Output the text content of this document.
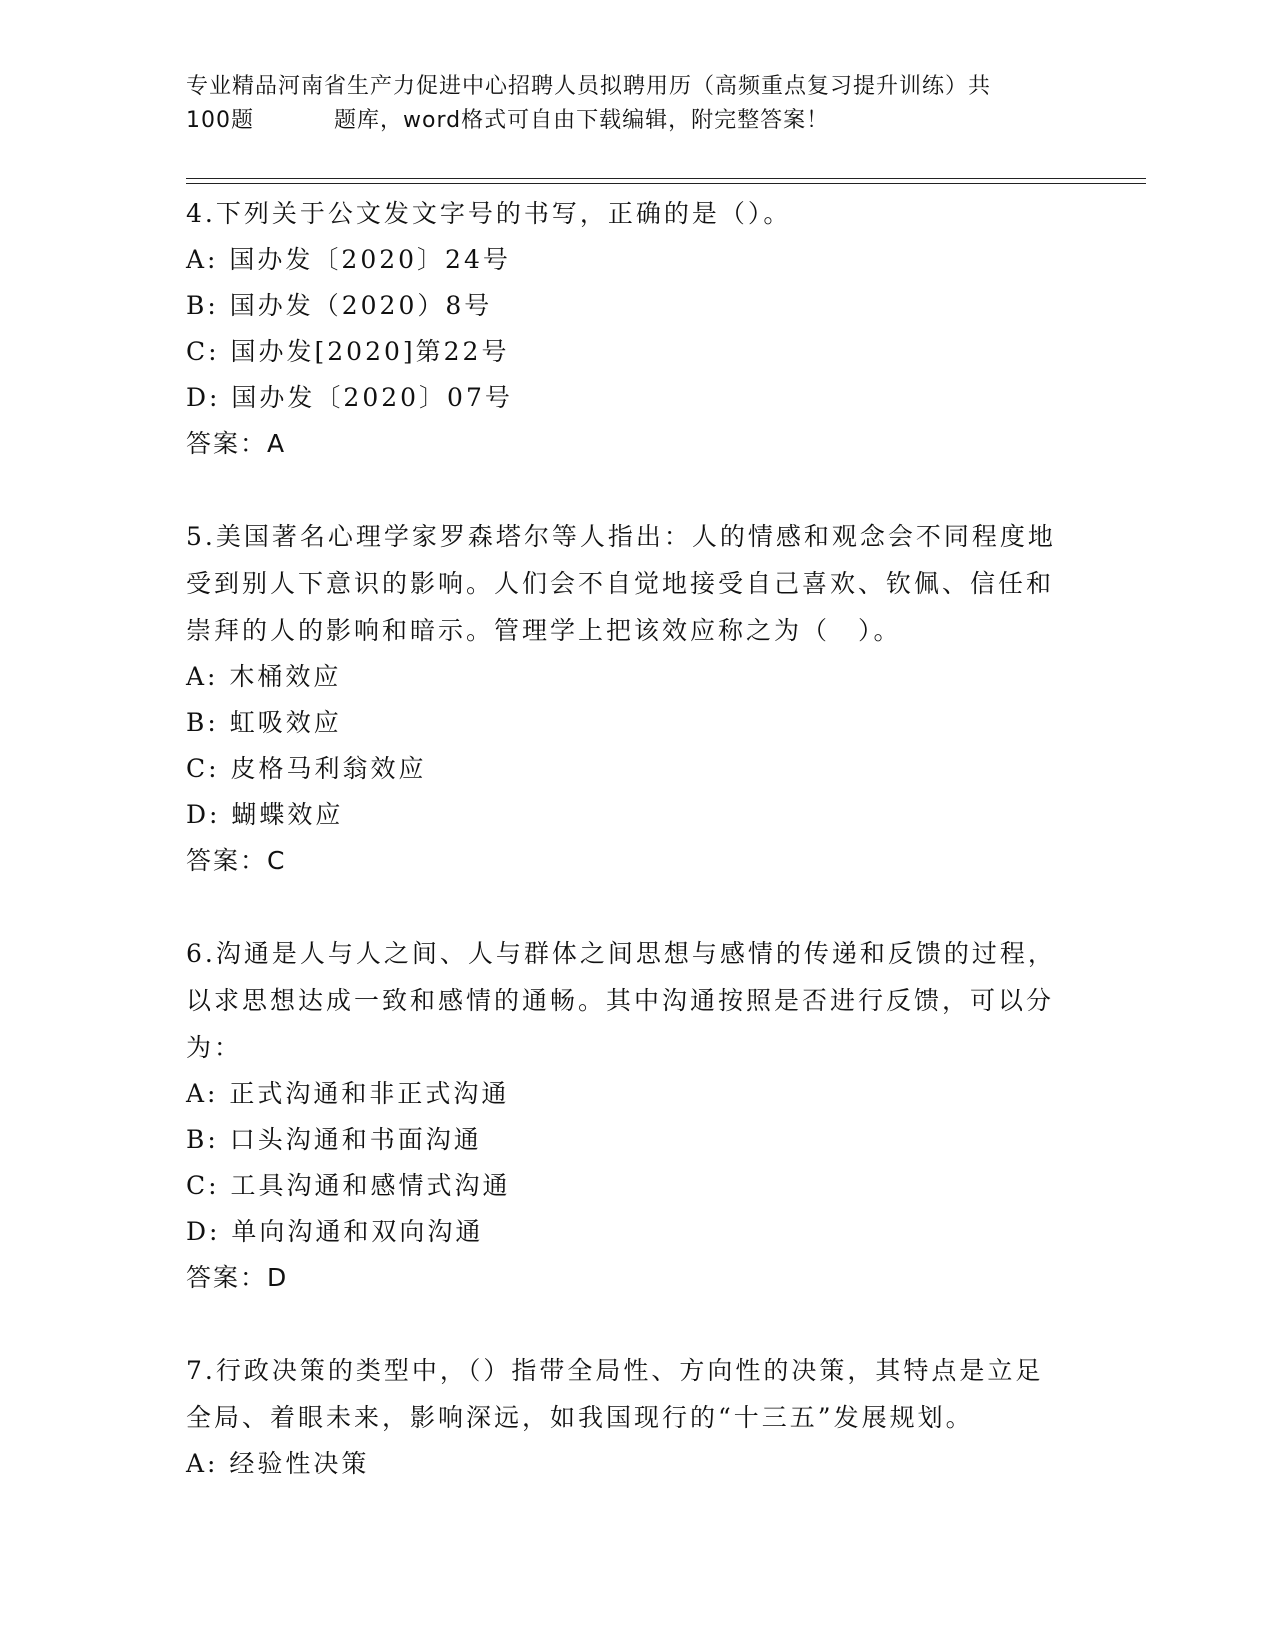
专业精品河南省生产力促进中心招聘人员拟聘用历（高频重点复习提升训练）共
100题	题库，word格式可自由下载编辑，附完整答案！

4.下列关于公文发文字号的书写，正确的是（）。

A: 国办发〔2020〕24号

B: 国办发（2020）8号

C: 国办发[2020]第22号

D: 国办发〔2020〕07号

答案：A

5.美国著名心理学家罗森塔尔等人指出：人的情感和观念会不同程度地受到别人下意识的影响。人们会不自觉地接受自己喜欢、钦佩、信任和崇拜的人的影响和暗示。管理学上把该效应称之为（　）。

A: 木桶效应

B: 虹吸效应

C: 皮格马利翁效应

D: 蝴蝶效应

答案：C

6.沟通是人与人之间、人与群体之间思想与感情的传递和反馈的过程，以求思想达成一致和感情的通畅。其中沟通按照是否进行反馈，可以分为：

A: 正式沟通和非正式沟通

B: 口头沟通和书面沟通

C: 工具沟通和感情式沟通

D: 单向沟通和双向沟通

答案：D

7.行政决策的类型中，（）指带全局性、方向性的决策，其特点是立足全局、着眼未来，影响深远，如我国现行的“十三五”发展规划。

A: 经验性决策
